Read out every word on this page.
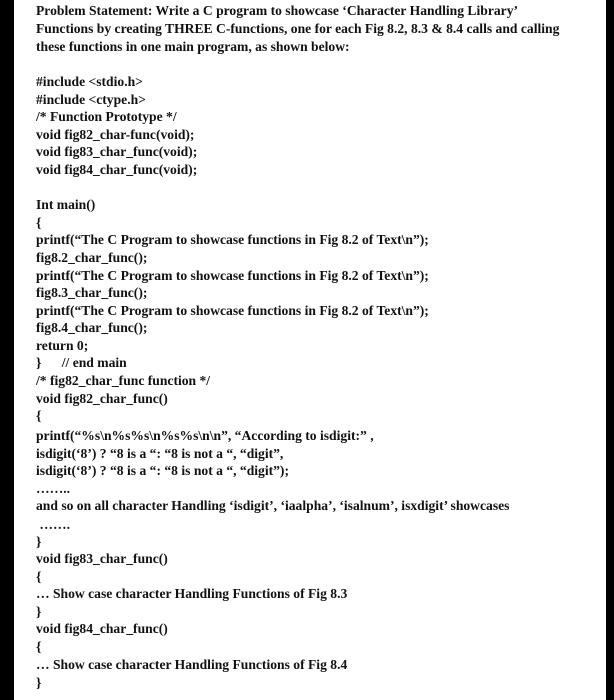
Problem Statement: Write a C program to showcase ‘Character Handling Library’
Functions by creating THREE C-functions, one for each Fig 8.2, 8.3 & 8.4 calls and calling
these functions in one main program, as shown below:
#include <stdio.h>
#include <ctype.h>
/* Function Prototype */
void fig82_char-func(void);
void fig83_char_func(void);
void fig84_char_func(void);
Int main()
{
printf(“The C Program to showcase functions in Fig 8.2 of Text\n”);
fig8.2_char_func();
printf(“The C Program to showcase functions in Fig 8.2 of Text\n”);
fig8.3_char_func();
printf(“The C Program to showcase functions in Fig 8.2 of Text\n”);
fig8.4_char_func();
return 0;
}      // end main
/* fig82_char_func function */
void fig82_char_func()
{
printf(“%s\n%s%s\n%s%s\n\n”, “According to isdigit:” ,
isdigit(‘8’) ? “8 is a “: “8 is not a “, “digit”,
isdigit(‘8’) ? “8 is a “: “8 is not a “, “digit”);
……..
and so on all character Handling ‘isdigit’, ‘iaalpha’, ‘isalnum’, isxdigit’ showcases
…….
}
void fig83_char_func()
{
… Show case character Handling Functions of Fig 8.3
}
void fig84_char_func()
{
… Show case character Handling Functions of Fig 8.4
}
